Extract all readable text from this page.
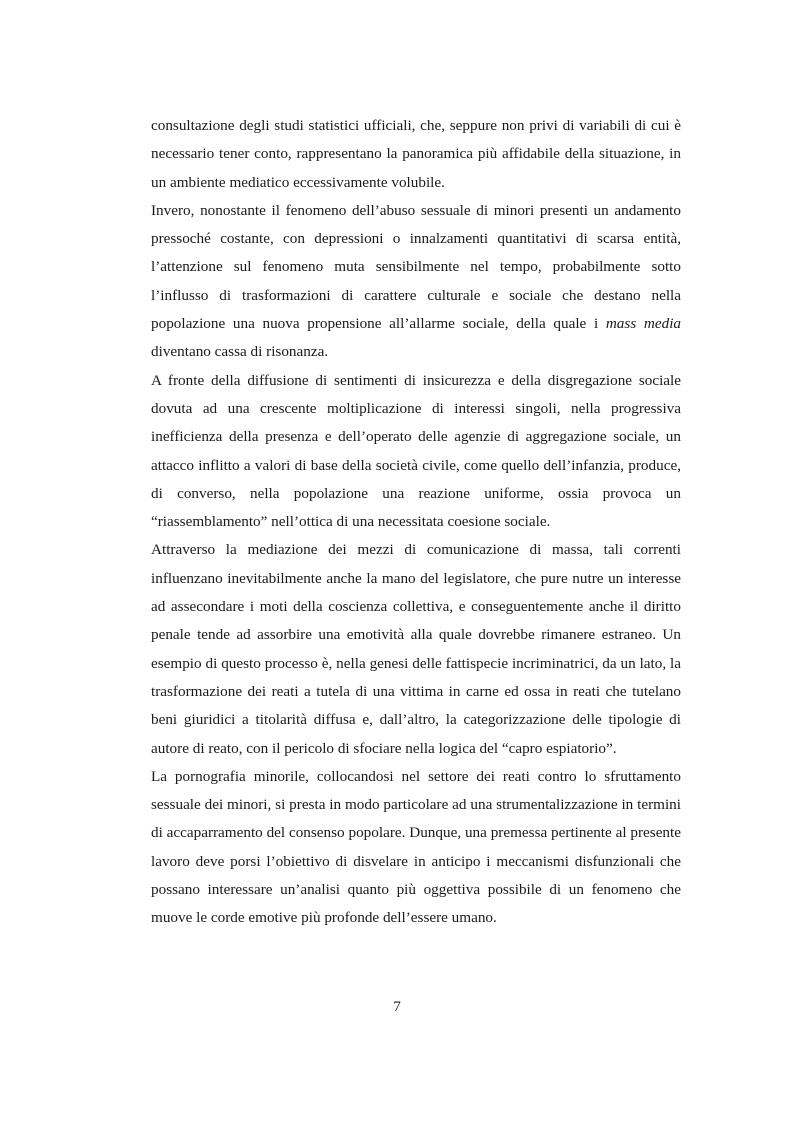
consultazione degli studi statistici ufficiali, che, seppure non privi di variabili di cui è necessario tener conto, rappresentano la panoramica più affidabile della situazione, in un ambiente mediatico eccessivamente volubile.

Invero, nonostante il fenomeno dell’abuso sessuale di minori presenti un andamento pressoché costante, con depressioni o innalzamenti quantitativi di scarsa entità, l’attenzione sul fenomeno muta sensibilmente nel tempo, probabilmente sotto l’influsso di trasformazioni di carattere culturale e sociale che destano nella popolazione una nuova propensione all’allarme sociale, della quale i mass media diventano cassa di risonanza.

A fronte della diffusione di sentimenti di insicurezza e della disgregazione sociale dovuta ad una crescente moltiplicazione di interessi singoli, nella progressiva inefficienza della presenza e dell’operato delle agenzie di aggregazione sociale, un attacco inflitto a valori di base della società civile, come quello dell’infanzia, produce, di converso, nella popolazione una reazione uniforme, ossia provoca un “riassemblamento” nell’ottica di una necessitata coesione sociale.

Attraverso la mediazione dei mezzi di comunicazione di massa, tali correnti influenzano inevitabilmente anche la mano del legislatore, che pure nutre un interesse ad assecondare i moti della coscienza collettiva, e conseguentemente anche il diritto penale tende ad assorbire una emotività alla quale dovrebbe rimanere estraneo. Un esempio di questo processo è, nella genesi delle fattispecie incriminatrici, da un lato, la trasformazione dei reati a tutela di una vittima in carne ed ossa in reati che tutelano beni giuridici a titolarità diffusa e, dall’altro, la categorizzazione delle tipologie di autore di reato, con il pericolo di sfociare nella logica del “capro espiatorio”.

La pornografia minorile, collocandosi nel settore dei reati contro lo sfruttamento sessuale dei minori, si presta in modo particolare ad una strumentalizzazione in termini di accaparramento del consenso popolare. Dunque, una premessa pertinente al presente lavoro deve porsi l’obiettivo di disvelare in anticipo i meccanismi disfunzionali che possano interessare un’analisi quanto più oggettiva possibile di un fenomeno che muove le corde emotive più profonde dell’essere umano.

7
